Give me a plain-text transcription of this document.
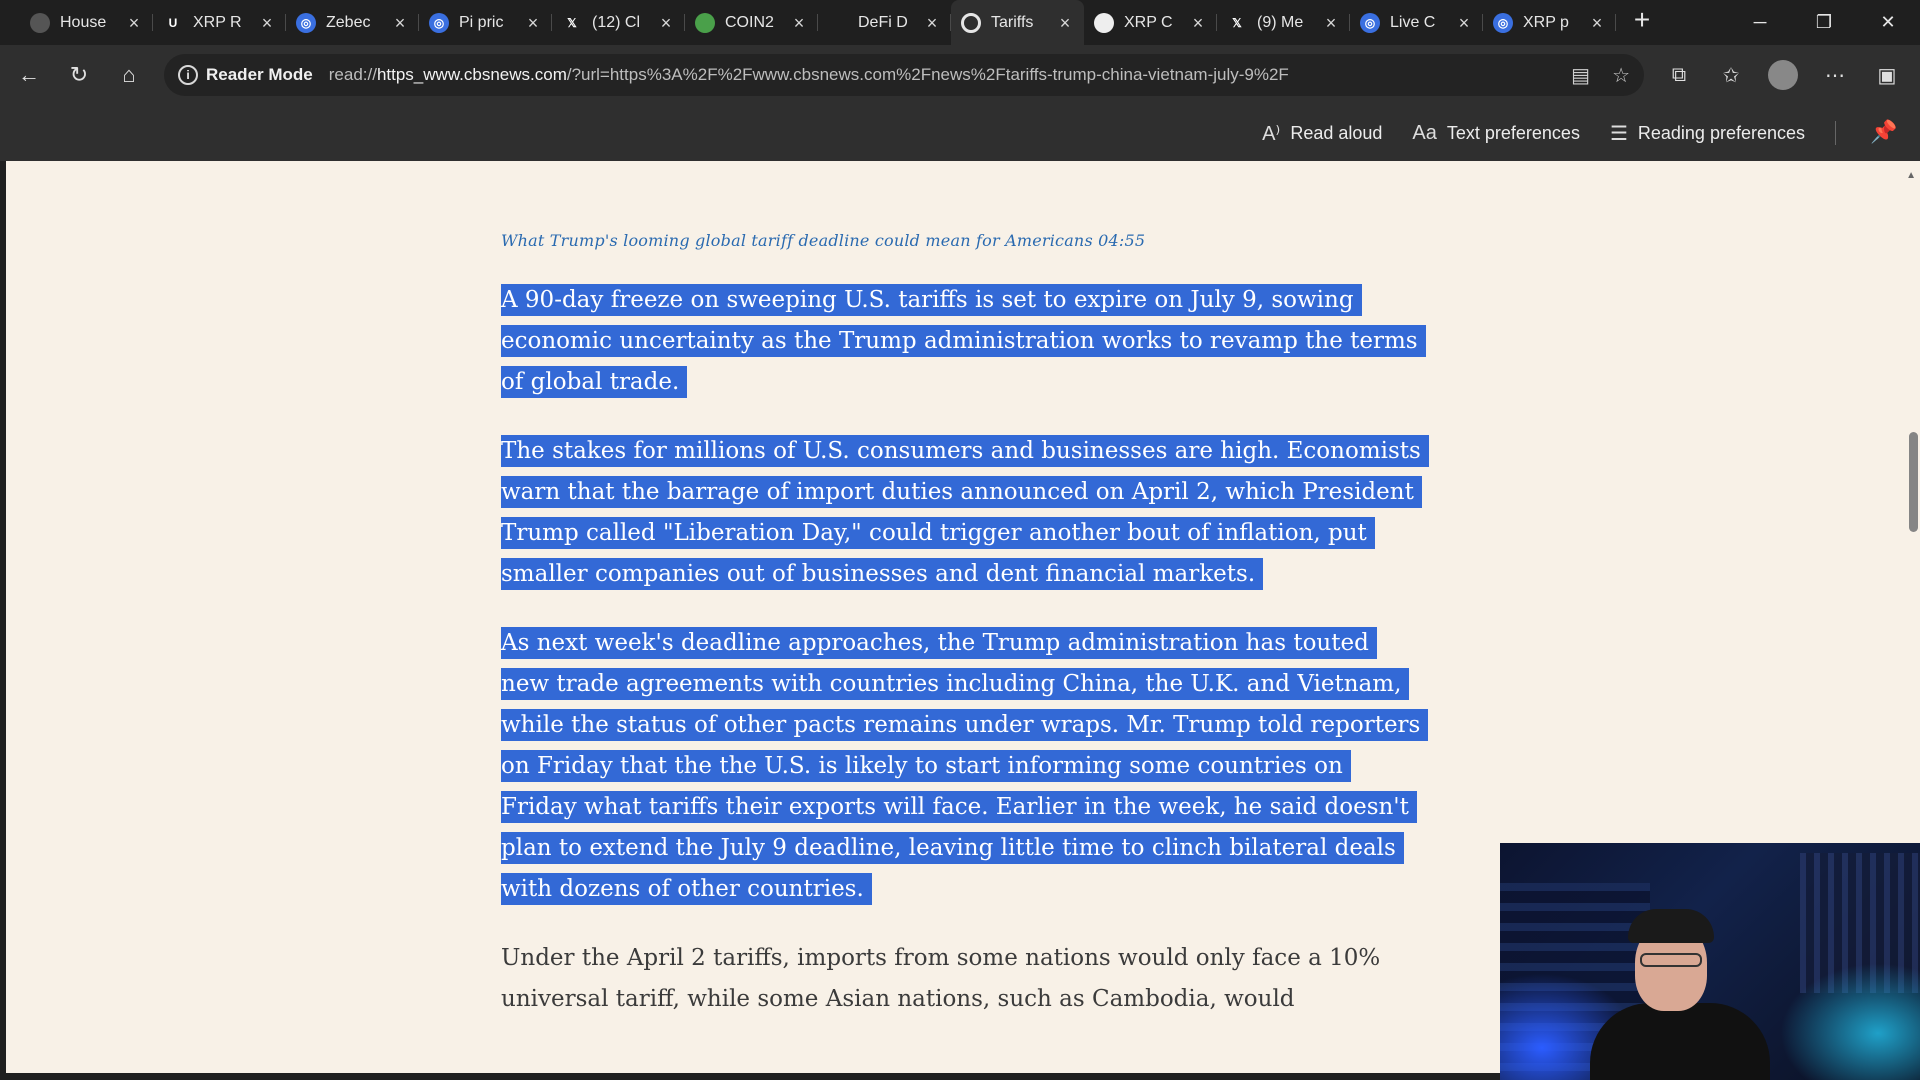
House	×	U XRP R	×	◎ Zebec	×	◎ Pi pric	×	𝕏 (12) Cl	×	COIN2	×	DeFi D	×	Tariffs	×	XRP C	×	𝕏 (9) Me	×	◎ Live C	×	◎ XRP p	×	+	─	❐	✕
←	↻	⌂	i Reader Mode read://https_www.cbsnews.com/?url=https%3A%2F%2Fwww.cbsnews.com%2Fnews%2Ftariffs-trump-china-vietnam-july-9%2F	▤ ☆	⧉	✩	⋯	▣
A⁾ Read aloud Aa Text preferences ☰ Reading preferences	📌

What Trump's looming global tariff deadline could mean for Americans 04:55

A 90-day freeze on sweeping U.S. tariffs is set to expire on July 9, sowing economic uncertainty as the Trump administration works to revamp the terms of global trade.

The stakes for millions of U.S. consumers and businesses are high. Economists warn that the barrage of import duties announced on April 2, which President Trump called "Liberation Day," could trigger another bout of inflation, put smaller companies out of businesses and dent financial markets.

As next week's deadline approaches, the Trump administration has touted new trade agreements with countries including China, the U.K. and Vietnam, while the status of other pacts remains under wraps. Mr. Trump told reporters on Friday that the the U.S. is likely to start informing some countries on Friday what tariffs their exports will face. Earlier in the week, he said doesn't plan to extend the July 9 deadline, leaving little time to clinch bilateral deals with dozens of other countries.

Under the April 2 tariffs, imports from some nations would only face a 10% universal tariff, while some Asian nations, such as Cambodia, would

▲
